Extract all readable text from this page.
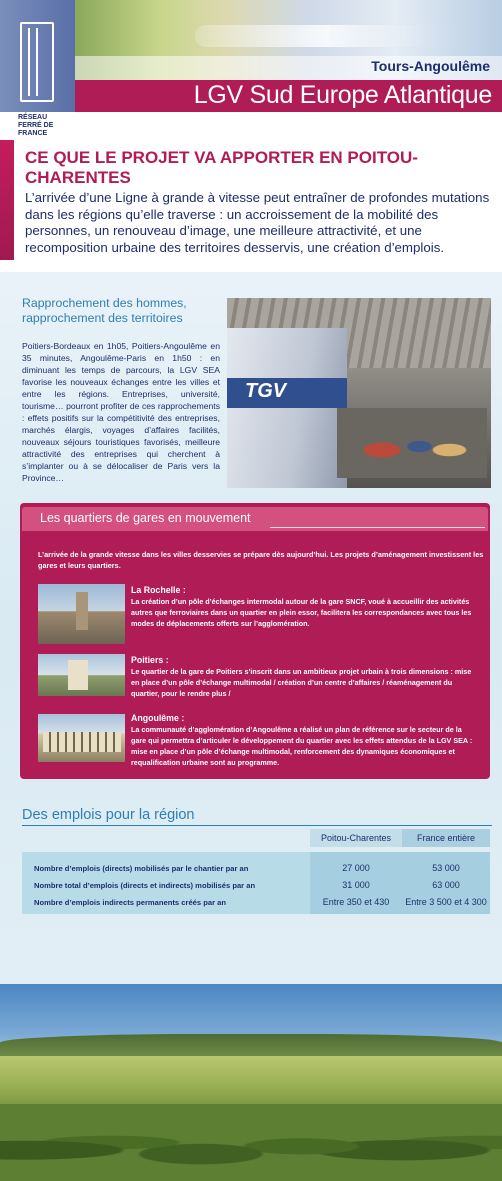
RÉSEAU FERRÉ DE FRANCE
Tours-Angoulême
LGV Sud Europe Atlantique
CE QUE LE PROJET VA APPORTER EN POITOU-CHARENTES
L’arrivée d’une Ligne à grande à vitesse peut entraîner de profondes mutations dans les régions qu’elle traverse : un accroissement de la mobilité des personnes, un renouveau d’image, une meilleure attractivité, et une recomposition urbaine des territoires desservis, une création d’emplois.
Rapprochement des hommes, rapprochement des territoires
Poitiers-Bordeaux en 1h05, Poitiers-Angoulême en 35 minutes, Angoulême-Paris en 1h50 : en diminuant les temps de parcours, la LGV SEA favorise les nouveaux échanges entre les villes et entre les régions. Entreprises, université, tourisme… pourront profiter de ces rapprochements : effets positifs sur la compétitivité des entreprises, marchés élargis, voyages d’affaires facilités, nouveaux séjours touristiques favorisés, meilleure attractivité des entreprises qui cherchent à s’implanter ou à se délocaliser de Paris vers la Province…
TGV
Les quartiers de gares en mouvement
L’arrivée de la grande vitesse dans les villes desservies se prépare dès aujourd’hui. Les projets d’aménagement investissent les gares et leurs quartiers.
La Rochelle :
La création d’un pôle d’échanges intermodal autour de la gare SNCF, voué à accueillir des activités autres que ferroviaires dans un quartier en plein essor, facilitera les correspondances avec tous les modes de déplacements offerts sur l’agglomération.
Poitiers :
Le quartier de la gare de Poitiers s’inscrit dans un ambitieux projet urbain à trois dimensions : mise en place d’un pôle d’échange multimodal / création d’un centre d’affaires / réaménagement du quartier, pour le rendre plus /
Angoulême :
La communauté d’agglomération d’Angoulême a réalisé un plan de référence sur le secteur de la gare qui permettra d’articuler le développement du quartier avec les effets attendus de la LGV SEA : mise en place d’un pôle d’échange multimodal, renforcement des dynamiques économiques et requalification urbaine sont au programme.
Des emplois pour la région
Poitou-Charentes	France entière
Nombre d’emplois (directs) mobilisés par le chantier par an	27 000	53 000
Nombre total d’emplois (directs et indirects) mobilisés par an	31 000	63 000
Nombre d’emplois indirects permanents créés par an	Entre 350 et 430	Entre 3 500 et 4 300
